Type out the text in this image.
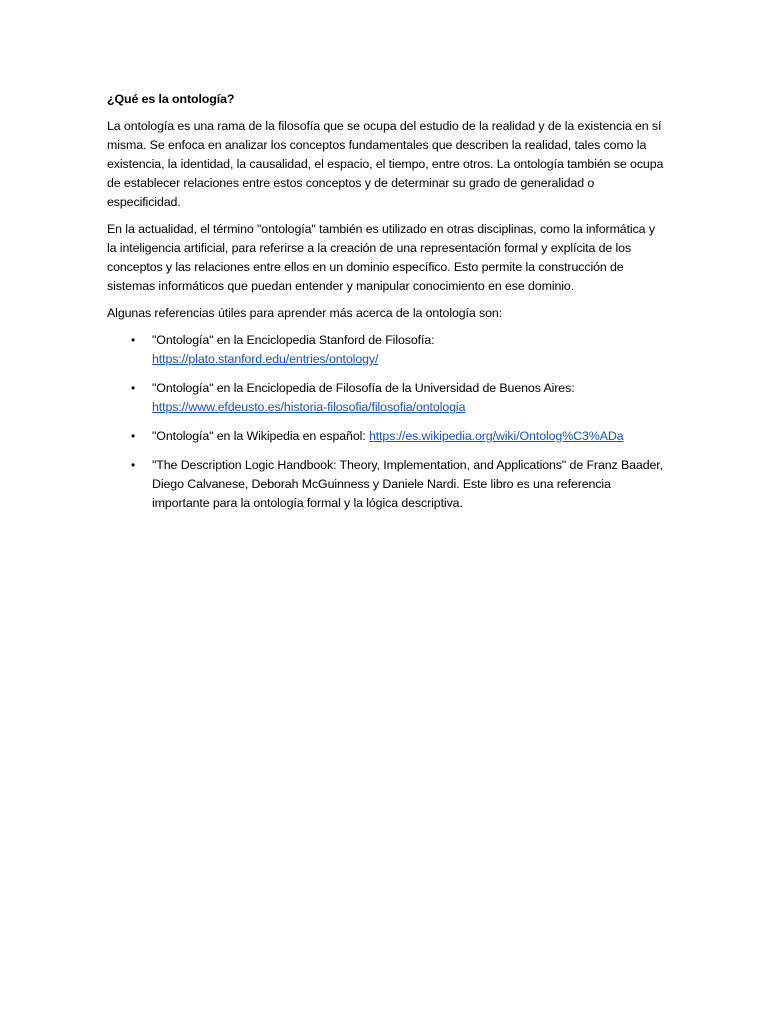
¿Qué es la ontología?

La ontología es una rama de la filosofía que se ocupa del estudio de la realidad y de la existencia en sí misma. Se enfoca en analizar los conceptos fundamentales que describen la realidad, tales como la existencia, la identidad, la causalidad, el espacio, el tiempo, entre otros. La ontología también se ocupa de establecer relaciones entre estos conceptos y de determinar su grado de generalidad o especificidad.

En la actualidad, el término "ontología" también es utilizado en otras disciplinas, como la informática y la inteligencia artificial, para referirse a la creación de una representación formal y explícita de los conceptos y las relaciones entre ellos en un dominio específico. Esto permite la construcción de sistemas informáticos que puedan entender y manipular conocimiento en ese dominio.

Algunas referencias útiles para aprender más acerca de la ontología son:

• "Ontología" en la Enciclopedia Stanford de Filosofía:
https://plato.stanford.edu/entries/ontology/
• "Ontología" en la Enciclopedia de Filosofía de la Universidad de Buenos Aires:
https://www.efdeusto.es/historia-filosofia/filosofia/ontologia
• "Ontología" en la Wikipedia en español: https://es.wikipedia.org/wiki/Ontolog%C3%ADa
• "The Description Logic Handbook: Theory, Implementation, and Applications" de Franz Baader, Diego Calvanese, Deborah McGuinness y Daniele Nardi. Este libro es una referencia importante para la ontología formal y la lógica descriptiva.
